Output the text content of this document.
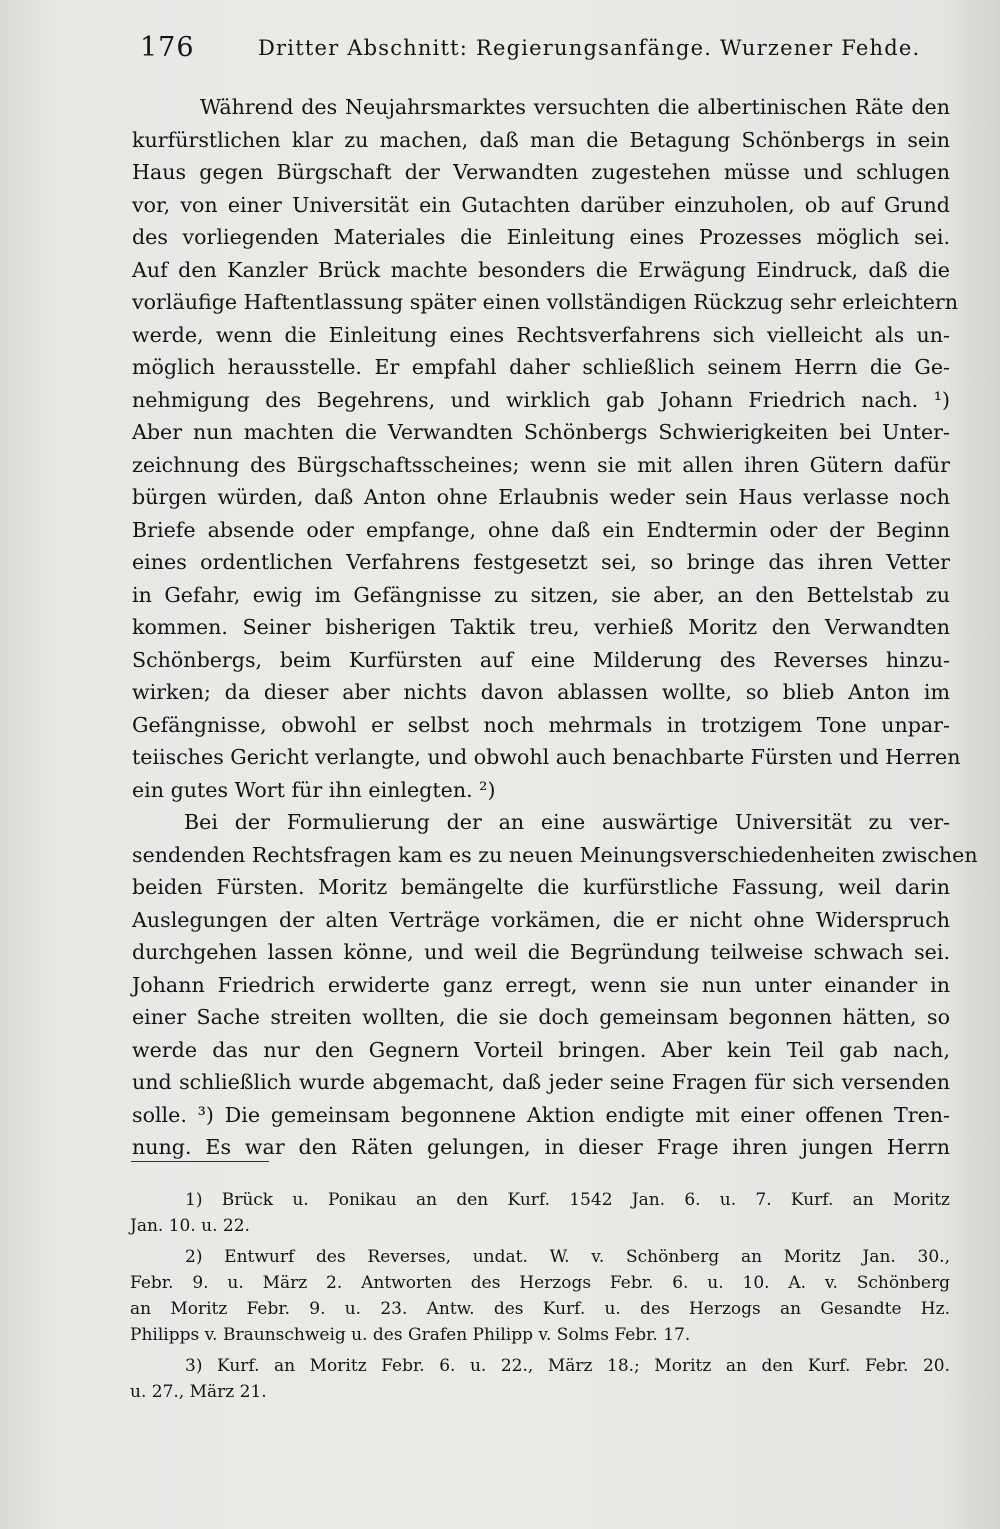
176	Dritter Abschnitt: Regierungsanfänge. Wurzener Fehde.
Während des Neujahrsmarktes versuchten die albertinischen Räte den
kurfürstlichen klar zu machen, daß man die Betagung Schönbergs in sein
Haus gegen Bürgschaft der Verwandten zugestehen müsse und schlugen
vor, von einer Universität ein Gutachten darüber einzuholen, ob auf Grund
des vorliegenden Materiales die Einleitung eines Prozesses möglich sei.
Auf den Kanzler Brück machte besonders die Erwägung Eindruck, daß die
vorläufige Haftentlassung später einen vollständigen Rückzug sehr erleichtern
werde, wenn die Einleitung eines Rechtsverfahrens sich vielleicht als un-
möglich herausstelle. Er empfahl daher schließlich seinem Herrn die Ge-
nehmigung des Begehrens, und wirklich gab Johann Friedrich nach. ¹)
Aber nun machten die Verwandten Schönbergs Schwierigkeiten bei Unter-
zeichnung des Bürgschaftsscheines; wenn sie mit allen ihren Gütern dafür
bürgen würden, daß Anton ohne Erlaubnis weder sein Haus verlasse noch
Briefe absende oder empfange, ohne daß ein Endtermin oder der Beginn
eines ordentlichen Verfahrens festgesetzt sei, so bringe das ihren Vetter
in Gefahr, ewig im Gefängnisse zu sitzen, sie aber, an den Bettelstab zu
kommen. Seiner bisherigen Taktik treu, verhieß Moritz den Verwandten
Schönbergs, beim Kurfürsten auf eine Milderung des Reverses hinzu-
wirken; da dieser aber nichts davon ablassen wollte, so blieb Anton im
Gefängnisse, obwohl er selbst noch mehrmals in trotzigem Tone unpar-
teiisches Gericht verlangte, und obwohl auch benachbarte Fürsten und Herren
ein gutes Wort für ihn einlegten. ²)
Bei der Formulierung der an eine auswärtige Universität zu ver-
sendenden Rechtsfragen kam es zu neuen Meinungsverschiedenheiten zwischen
beiden Fürsten. Moritz bemängelte die kurfürstliche Fassung, weil darin
Auslegungen der alten Verträge vorkämen, die er nicht ohne Widerspruch
durchgehen lassen könne, und weil die Begründung teilweise schwach sei.
Johann Friedrich erwiderte ganz erregt, wenn sie nun unter einander in
einer Sache streiten wollten, die sie doch gemeinsam begonnen hätten, so
werde das nur den Gegnern Vorteil bringen. Aber kein Teil gab nach,
und schließlich wurde abgemacht, daß jeder seine Fragen für sich versenden
solle. ³) Die gemeinsam begonnene Aktion endigte mit einer offenen Tren-
nung. Es war den Räten gelungen, in dieser Frage ihren jungen Herrn
1) Brück u. Ponikau an den Kurf. 1542 Jan. 6. u. 7. Kurf. an Moritz
Jan. 10. u. 22.
2) Entwurf des Reverses, undat. W. v. Schönberg an Moritz Jan. 30.,
Febr. 9. u. März 2. Antworten des Herzogs Febr. 6. u. 10. A. v. Schönberg
an Moritz Febr. 9. u. 23. Antw. des Kurf. u. des Herzogs an Gesandte Hz.
Philipps v. Braunschweig u. des Grafen Philipp v. Solms Febr. 17.
3) Kurf. an Moritz Febr. 6. u. 22., März 18.; Moritz an den Kurf. Febr. 20.
u. 27., März 21.
